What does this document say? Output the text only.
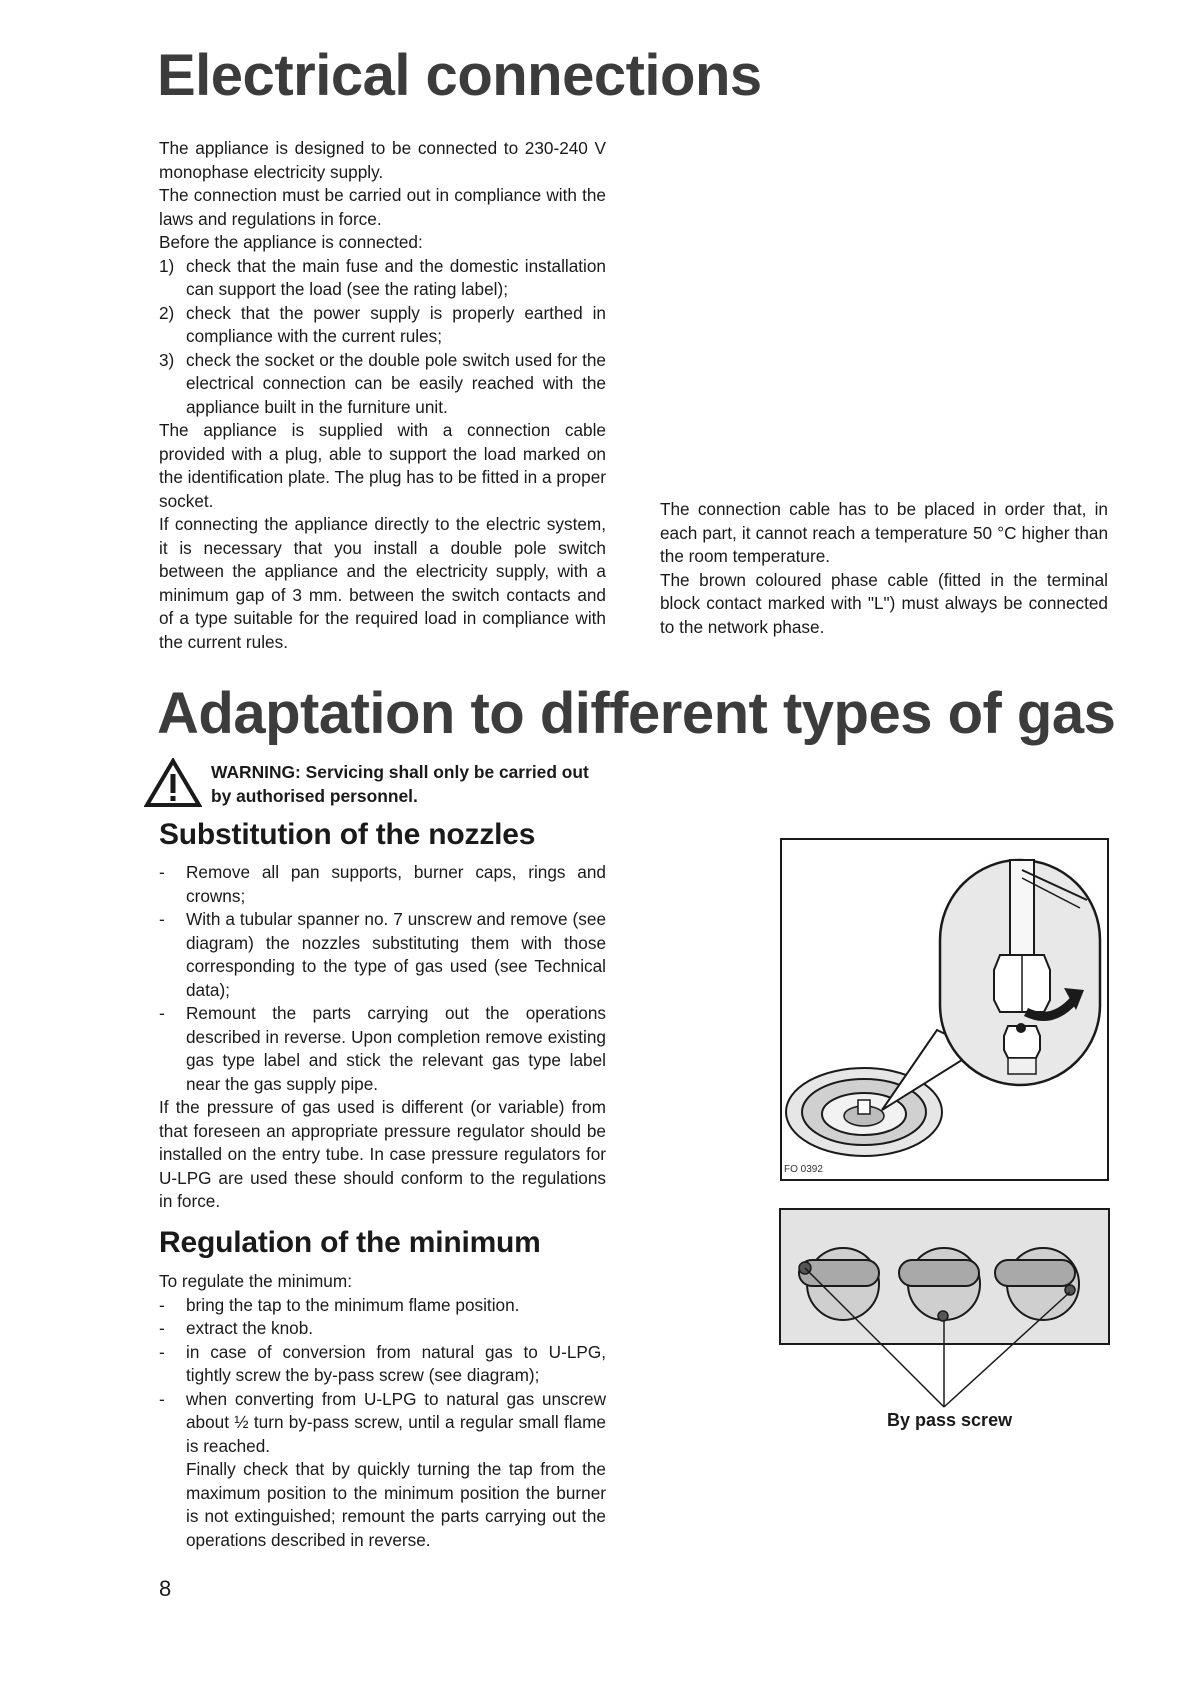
Electrical connections

The appliance is designed to be connected to 230-240 V monophase electricity supply.

The connection must be carried out in compliance with the laws and regulations in force.

Before the appliance is connected:

1) check that the main fuse and the domestic installation can support the load (see the rating label);
2) check that the power supply is properly earthed in compliance with the current rules;
3) check the socket or the double pole switch used for the electrical connection can be easily reached with the appliance built in the furniture unit.

The appliance is supplied with a connection cable provided with a plug, able to support the load marked on the identification plate. The plug has to be fitted in a proper socket.

If connecting the appliance directly to the electric system, it is necessary that you install a double pole switch between the appliance and the electricity supply, with a minimum gap of 3 mm. between the switch contacts and of a type suitable for the required load in compliance with the current rules.

The connection cable has to be placed in order that, in each part, it cannot reach a temperature 50 °C higher than the room temperature.

The brown coloured phase cable (fitted in the terminal block contact marked with "L") must always be connected to the network phase.

Adaptation to different types of gas
WARNING: Servicing shall only be carried out
by authorised personnel.
Substitution of the nozzles
- Remove all pan supports, burner caps, rings and crowns;
- With a tubular spanner no. 7 unscrew and remove (see diagram) the nozzles substituting them with those corresponding to the type of gas used (see Technical data);
- Remount the parts carrying out the operations described in reverse. Upon completion remove existing gas type label and stick the relevant gas type label near the gas supply pipe.

If the pressure of gas used is different (or variable) from that foreseen an appropriate pressure regulator should be installed on the entry tube. In case pressure regulators for U-LPG are used these should conform to the regulations in force.

Regulation of the minimum

To regulate the minimum:

- bring the tap to the minimum flame position.
- extract the knob.
- in case of conversion from natural gas to U-LPG, tightly screw the by-pass screw (see diagram);
- when converting from U-LPG to natural gas unscrew about ½ turn by-pass screw, until a regular small flame is reached.

Finally check that by quickly turning the tap from the maximum position to the minimum position the burner is not extinguished; remount the parts carrying out the operations described in reverse.

FO 0392
By pass screw
8
